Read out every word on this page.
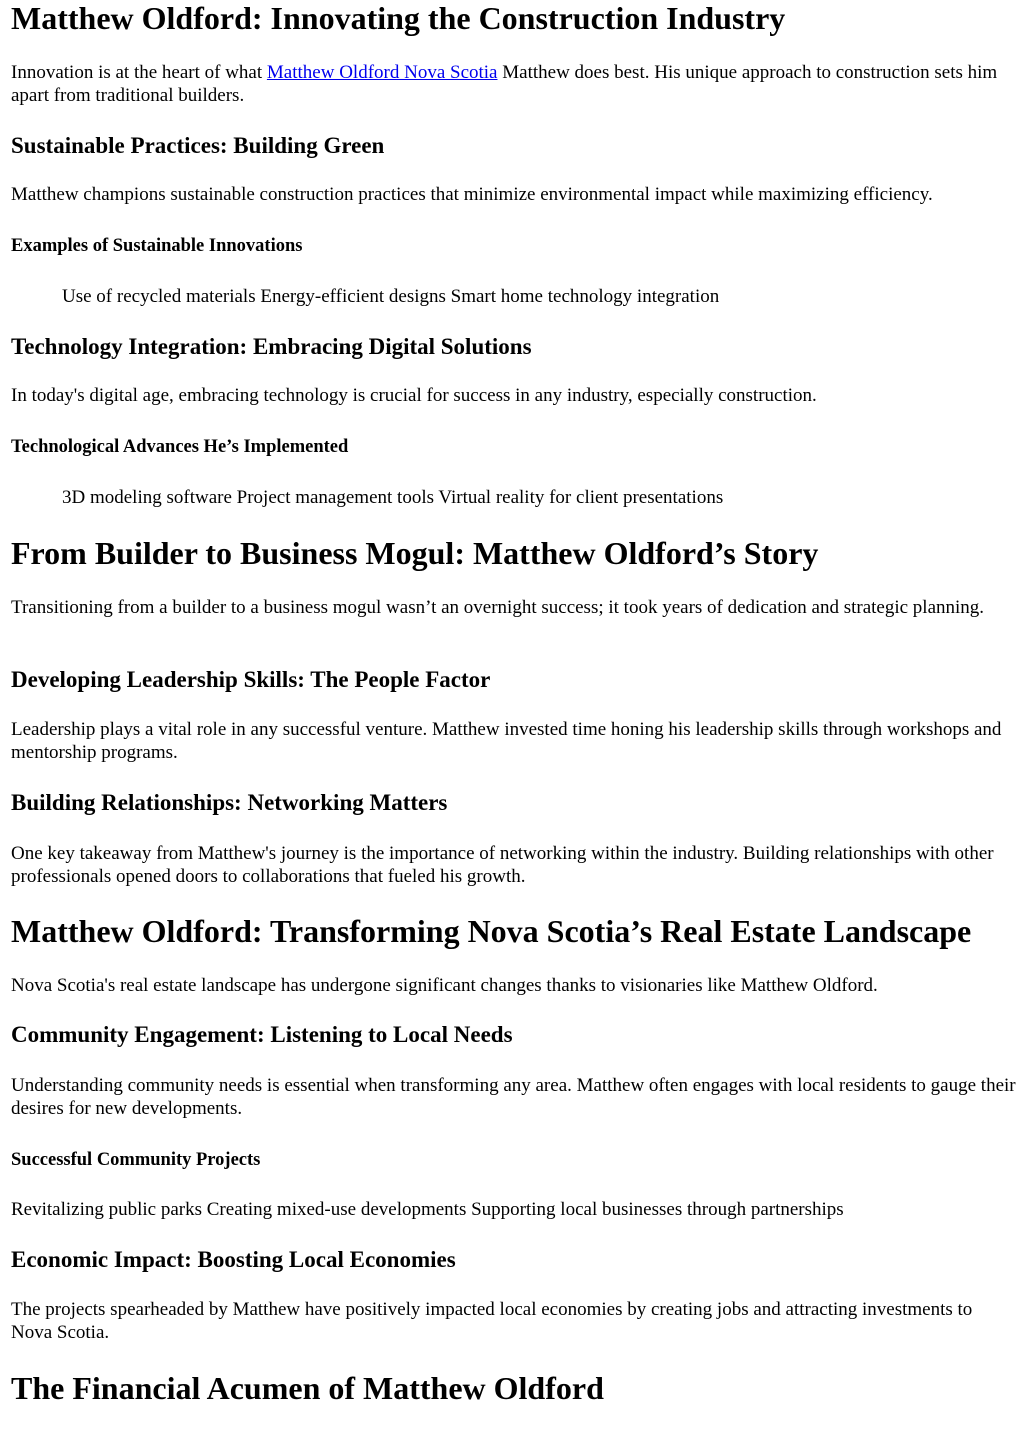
Matthew Oldford: Innovating the Construction Industry

Innovation is at the heart of what Matthew Oldford Nova Scotia Matthew does best. His unique approach to construction sets him apart from traditional builders.

Sustainable Practices: Building Green

Matthew champions sustainable construction practices that minimize environmental impact while maximizing efficiency.

Examples of Sustainable Innovations

Use of recycled materials Energy-efficient designs Smart home technology integration

Technology Integration: Embracing Digital Solutions

In today's digital age, embracing technology is crucial for success in any industry, especially construction.

Technological Advances He’s Implemented

3D modeling software Project management tools Virtual reality for client presentations

From Builder to Business Mogul: Matthew Oldford’s Story

Transitioning from a builder to a business mogul wasn’t an overnight success; it took years of dedication and strategic planning.

Developing Leadership Skills: The People Factor

Leadership plays a vital role in any successful venture. Matthew invested time honing his leadership skills through workshops and mentorship programs.

Building Relationships: Networking Matters

One key takeaway from Matthew's journey is the importance of networking within the industry. Building relationships with other professionals opened doors to collaborations that fueled his growth.

Matthew Oldford: Transforming Nova Scotia’s Real Estate Landscape

Nova Scotia's real estate landscape has undergone significant changes thanks to visionaries like Matthew Oldford.

Community Engagement: Listening to Local Needs

Understanding community needs is essential when transforming any area. Matthew often engages with local residents to gauge their desires for new developments.

Successful Community Projects

Revitalizing public parks Creating mixed-use developments Supporting local businesses through partnerships

Economic Impact: Boosting Local Economies

The projects spearheaded by Matthew have positively impacted local economies by creating jobs and attracting investments to Nova Scotia.

The Financial Acumen of Matthew Oldford
